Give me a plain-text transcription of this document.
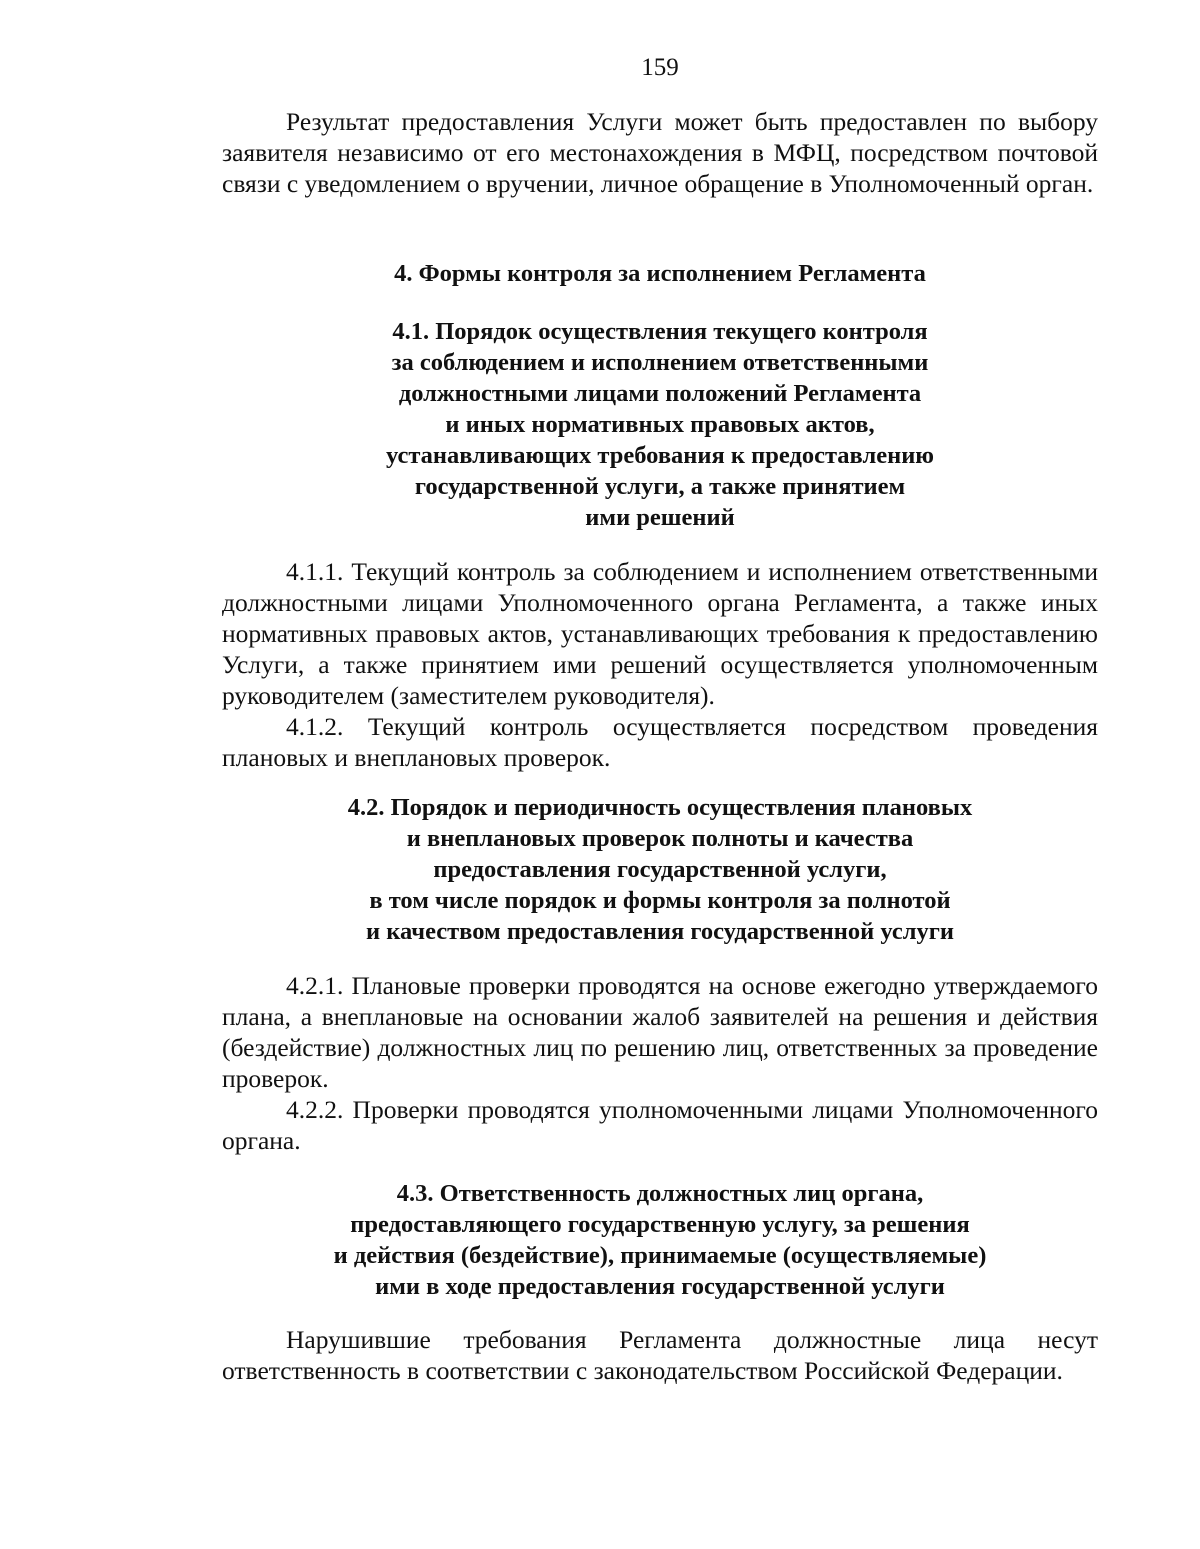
159

Результат предоставления Услуги может быть предоставлен по выбору заявителя независимо от его местонахождения в МФЦ, посредством почтовой связи с уведомлением о вручении, личное обращение в Уполномоченный орган.

4. Формы контроля за исполнением Регламента
4.1. Порядок осуществления текущего контроля
за соблюдением и исполнением ответственными
должностными лицами положений Регламента
и иных нормативных правовых актов,
устанавливающих требования к предоставлению
государственной услуги, а также принятием
ими решений

4.1.1. Текущий контроль за соблюдением и исполнением ответственными должностными лицами Уполномоченного органа Регламента, а также иных нормативных правовых актов, устанавливающих требования к предоставлению Услуги, а также принятием ими решений осуществляется уполномоченным руководителем (заместителем руководителя).

4.1.2. Текущий контроль осуществляется посредством проведения плановых и внеплановых проверок.

4.2. Порядок и периодичность осуществления плановых
и внеплановых проверок полноты и качества
предоставления государственной услуги,
в том числе порядок и формы контроля за полнотой
и качеством предоставления государственной услуги

4.2.1. Плановые проверки проводятся на основе ежегодно утверждаемого плана, а внеплановые на основании жалоб заявителей на решения и действия (бездействие) должностных лиц по решению лиц, ответственных за проведение проверок.

4.2.2. Проверки проводятся уполномоченными лицами Уполномоченного органа.

4.3. Ответственность должностных лиц органа,
предоставляющего государственную услугу, за решения
и действия (бездействие), принимаемые (осуществляемые)
ими в ходе предоставления государственной услуги

Нарушившие требования Регламента должностные лица несут ответственность в соответствии с законодательством Российской Федерации.
